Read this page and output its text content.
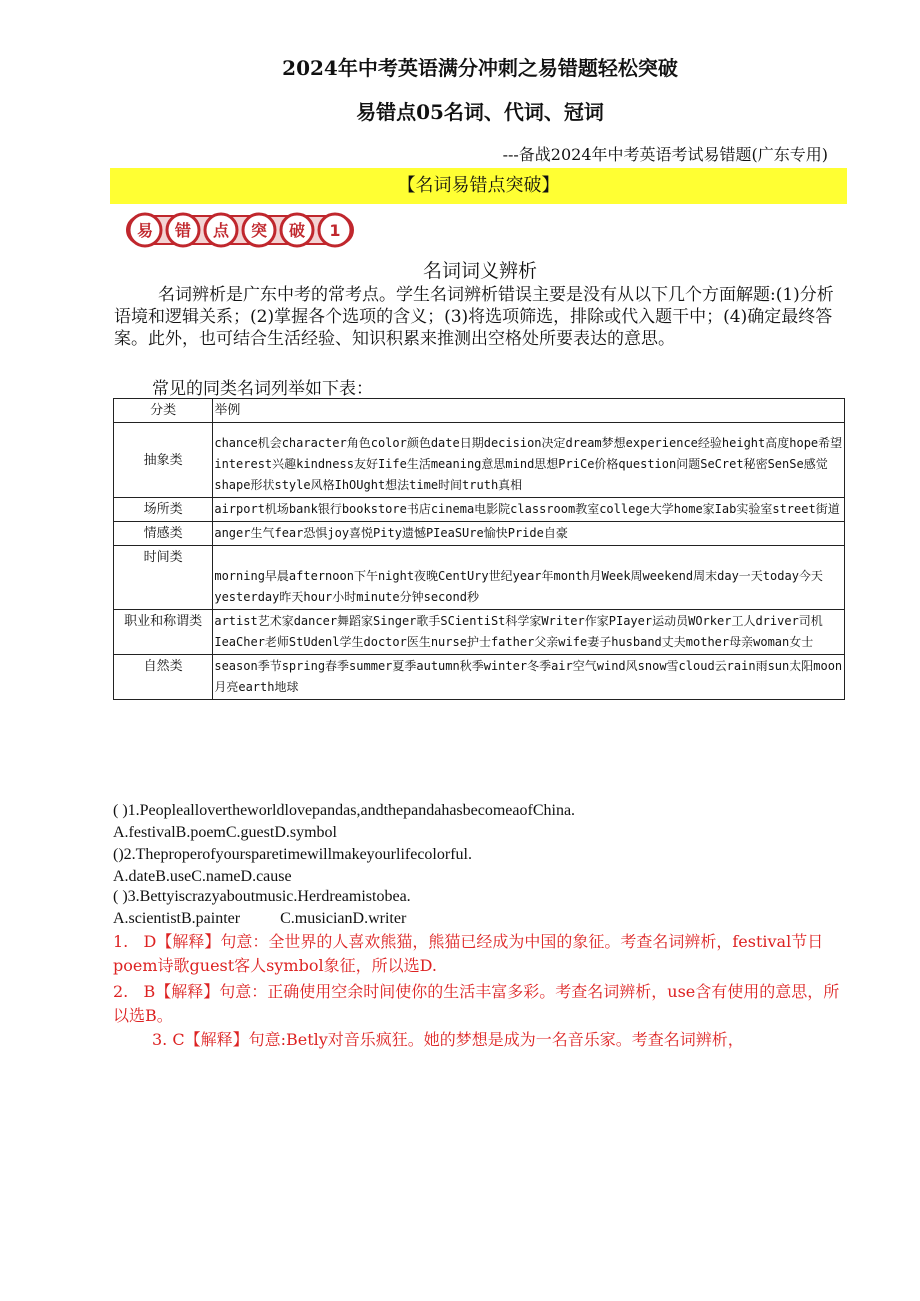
2024年中考英语满分冲刺之易错题轻松突破
易错点05名词、代词、冠词
---备战2024年中考英语考试易错题(广东专用)
【名词易错点突破】
易 错 点 突 破 1
名词词义辨析
名词辨析是广东中考的常考点。学生名词辨析错误主要是没有从以下几个方面解题:(1)分析语境和逻辑关系；(2)掌握各个选项的含义；(3)将选项筛选，排除或代入题干中；(4)确定最终答案。此外，也可结合生活经验、知识积累来推测出空格处所要表达的意思。
常见的同类名词列举如下表：
分类	举例
抽象类	chance机会character角色color颜色date日期decision决定dream梦想experience经验height高度hope希望interest兴趣kindness友好Iife生活meaning意思mind思想PriCe价格question问题SeCret秘密SenSe感觉shape形状style风格IhOUght想法time时间truth真相
场所类	airport机场bank银行bookstore书店cinema电影院classroom教室college大学home家Iab实验室street街道
情感类	anger生气fear恐惧joy喜悦Pity遗憾PIeaSUre愉快Pride自豪
时间类	morning早晨afternoon下午night夜晚CentUry世纪year年month月Week周weekend周末day一天today今天yesterday昨天hour小时minute分钟second秒
职业和称谓类	artist艺术家dancer舞蹈家Singer歌手SCientiSt科学家Writer作家PIayer运动员WOrker工人driver司机IeaCher老师StUdenl学生doctor医生nurse护士father父亲wife妻子husband丈夫mother母亲woman女士
自然类	season季节spring春季summer夏季autumn秋季winter冬季air空气wind风snow雪cloud云rain雨sun太阳moon月亮earth地球
( )1.Peopleallovertheworldlovepandas,andthepandahasbecomeaofChina.
A.festivalB.poemC.guestD.symbol
()2.Theproperofyoursparetimewillmakeyourlifecolorful.
A.dateB.useC.nameD.cause
( )3.Bettyiscrazyaboutmusic.Herdreamistobea.
A.scientistB.painter          C.musicianD.writer
1.   D【解释】句意：全世界的人喜欢熊猫，熊猫已经成为中国的象征。考查名词辨析，festival节日poem诗歌guest客人symbol象征，所以选D.
2.   B【解释】句意：正确使用空余时间使你的生活丰富多彩。考查名词辨析，use含有使用的意思，所以选B。
3. C【解释】句意:Betly对音乐疯狂。她的梦想是成为一名音乐家。考查名词辨析，
